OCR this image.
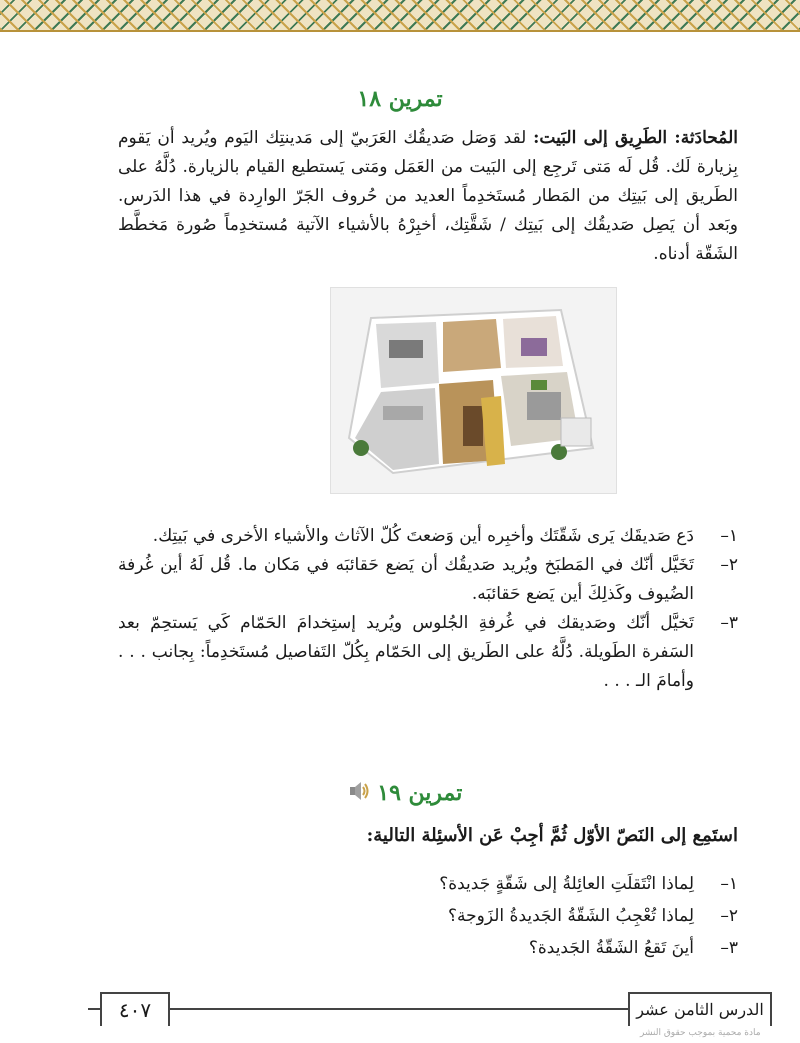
تمرين ١٨
المُحادَثة: الطَرِيق إلى البَيت: لقد وَصَل صَديقُك العَرَبيّ إلى مَدينتِك اليَوم ويُريد أن يَقوم بِزيارة لَك. قُل لَه مَتى تَرجِع إلى البَيت من العَمَل ومَتى يَستطيع القيام بالزيارة. دُلَّهُ على الطَريق إلى بَيتِك من المَطار مُستَخدِماً العديد من حُروف الجَرّ الوارِدة في هذا الدَرس. وبَعد أن يَصِل صَديقُك إلى بَيتِك / شَقَّتِك، أخبِرْهُ بالأشياء الآتية مُستخدِماً صُورة مَخطَّط الشَقّة أدناه.
١–
دَع صَديقَك يَرى شَقّتَك وأخبِره أين وَضعتَ كُلّ الآثاث والأشياء الأخرى في بَيتِك.
٢–
تَخَيَّل أنّك في المَطبَخ ويُريد صَديقُك أن يَضع حَقائبَه في مَكان ما. قُل لَهُ أين غُرفة الضُيوف وكَذلِكَ أين يَضع حَقائبَه.
٣–
تَخيَّل أنّك وصَديقك في غُرفةِ الجُلوس ويُريد إستِخدامَ الحَمّام كَي يَستحِمّ بعد السَفرة الطَويلة. دُلَّهُ على الطَريق إلى الحَمّام بِكُلّ التَفاصيل مُستَخدِماً: بِجانب . . . وأمامَ الـ . . .
تمرين ١٩
استَمِع إلى النَصّ الأوّل ثُمَّ أجِبْ عَن الأسئِلة التالية:
١–
لِماذا انْتَقلَتِ العائِلةُ إلى شَقّةٍ جَديدة؟
٢–
لِماذا تُعْجِبُ الشَقّةُ الجَديدةُ الزَوجة؟
٣–
أينَ تَقعُ الشَقّةُ الجَديدة؟
٤٠٧	الدرس الثامن عشر
مادة محمية بموجب حقوق النشر
